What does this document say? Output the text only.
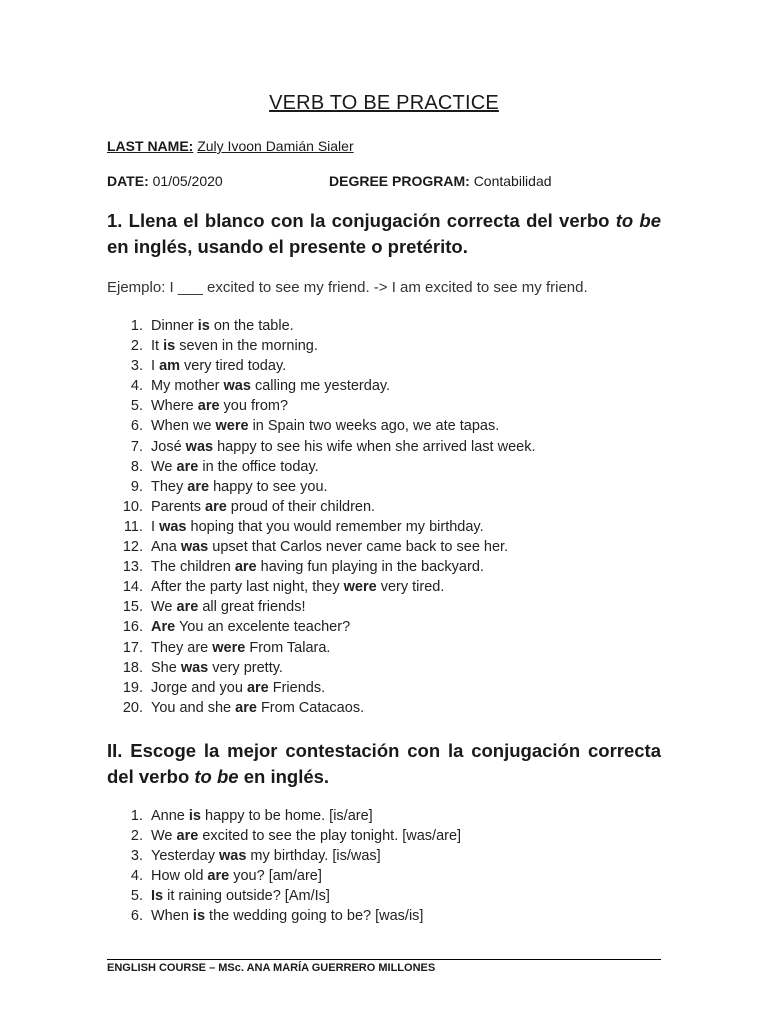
VERB TO BE PRACTICE
LAST NAME: Zuly Ivoon Damián Sialer
DATE: 01/05/2020	DEGREE PROGRAM: Contabilidad
1. Llena el blanco con la conjugación correcta del verbo to be en inglés, usando el presente o pretérito.
Ejemplo: I ___ excited to see my friend. -> I am excited to see my friend.
1. Dinner is on the table.
2. It is seven in the morning.
3. I am very tired today.
4. My mother was calling me yesterday.
5. Where are you from?
6. When we were in Spain two weeks ago, we ate tapas.
7. José was happy to see his wife when she arrived last week.
8. We are in the office today.
9. They are happy to see you.
10. Parents are proud of their children.
11. I was hoping that you would remember my birthday.
12. Ana was upset that Carlos never came back to see her.
13. The children are having fun playing in the backyard.
14. After the party last night, they were very tired.
15. We are all great friends!
16. Are You an excelente teacher?
17. They are were From Talara.
18. She was very pretty.
19. Jorge and you are Friends.
20. You and she are From Catacaos.
II. Escoge la mejor contestación con la conjugación correcta del verbo to be en inglés.
1. Anne is happy to be home. [is/are]
2. We are excited to see the play tonight. [was/are]
3. Yesterday was my birthday. [is/was]
4. How old are you? [am/are]
5. Is it raining outside? [Am/Is]
6. When is the wedding going to be? [was/is]
ENGLISH COURSE – MSc. ANA MARÍA GUERRERO MILLONES
